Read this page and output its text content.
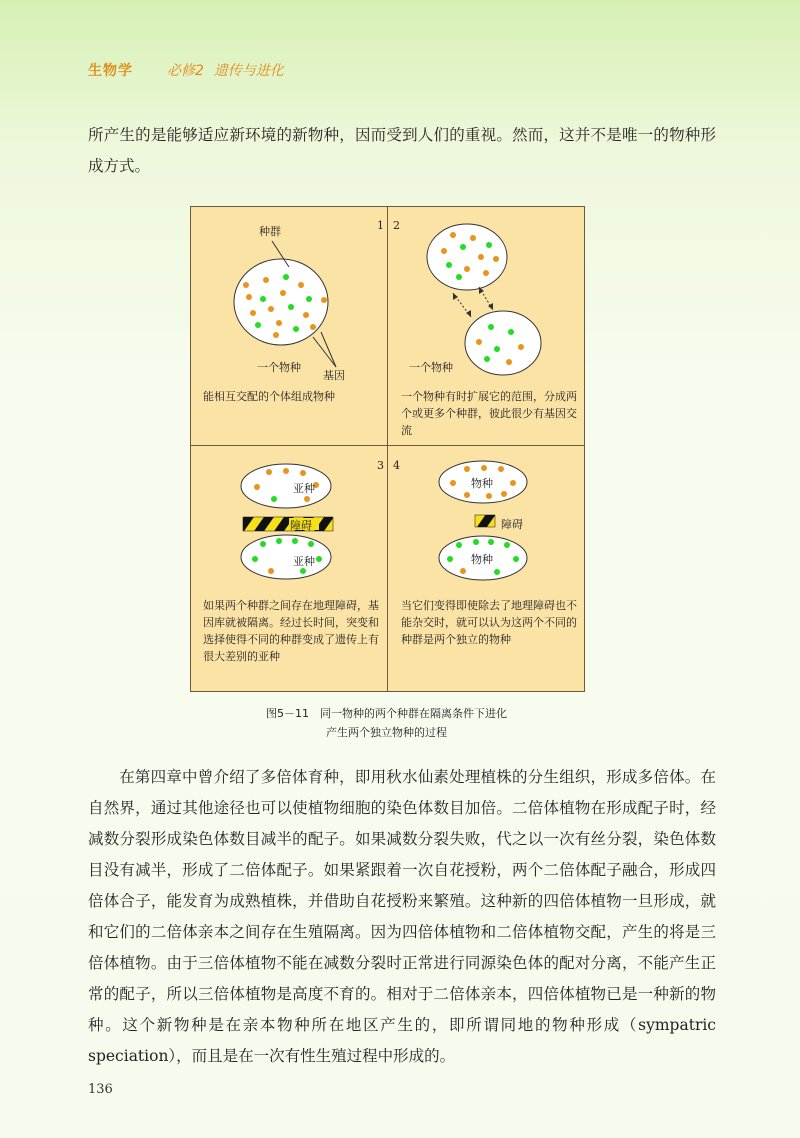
生物学 必修2 遗传与进化

所产生的是能够适应新环境的新物种，因而受到人们的重视。然而，这并不是唯一的物种形成方式。

1
种群
一个物种
基因
能相互交配的个体组成物种
2
一个物种
一个物种有时扩展它的范围，分成两个或更多个种群，彼此很少有基因交流
3
亚种
障碍
亚种
如果两个种群之间存在地理障碍，基因库就被隔离。经过长时间，突变和选择使得不同的种群变成了遗传上有很大差别的亚种
4
物种
障碍
物种
当它们变得即使除去了地理障碍也不能杂交时，就可以认为这两个不同的种群是两个独立的物种
图5－11　同一物种的两个种群在隔离条件下进化
产生两个独立物种的过程

在第四章中曾介绍了多倍体育种，即用秋水仙素处理植株的分生组织，形成多倍体。在自然界，通过其他途径也可以使植物细胞的染色体数目加倍。二倍体植物在形成配子时，经减数分裂形成染色体数目减半的配子。如果减数分裂失败，代之以一次有丝分裂，染色体数目没有减半，形成了二倍体配子。如果紧跟着一次自花授粉，两个二倍体配子融合，形成四倍体合子，能发育为成熟植株，并借助自花授粉来繁殖。这种新的四倍体植物一旦形成，就和它们的二倍体亲本之间存在生殖隔离。因为四倍体植物和二倍体植物交配，产生的将是三倍体植物。由于三倍体植物不能在减数分裂时正常进行同源染色体的配对分离，不能产生正常的配子，所以三倍体植物是高度不育的。相对于二倍体亲本，四倍体植物已是一种新的物种。这个新物种是在亲本物种所在地区产生的，即所谓同地的物种形成（sympatric speciation），而且是在一次有性生殖过程中形成的。

136
